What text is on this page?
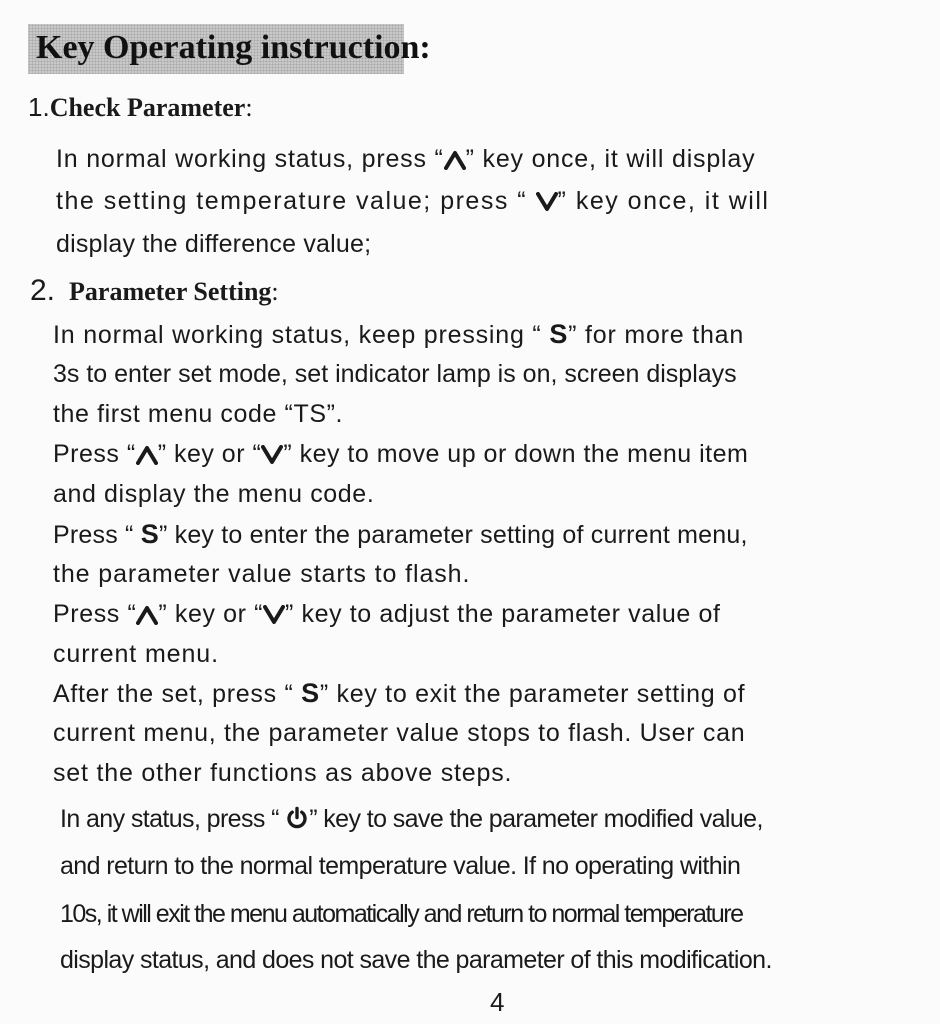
Key Operating instruction:
1.Check Parameter:
In normal working status, press “ ” key once, it will display
the setting temperature value; press “
” key once, it will
display the difference value;
2. Parameter Setting:
In normal working status, keep pressing “ S” for more than
3s to enter set mode, set indicator lamp is on, screen displays
the first menu code “TS”.
Press “ ” key or “ ” key to move up or down the menu item
and display the menu code.
Press “ S” key to enter the parameter setting of current menu,
the parameter value starts to flash.
Press “ ” key or “ ” key to adjust the parameter value of
current menu.
After the set, press “ S” key to exit the parameter setting of
current menu, the parameter value stops to flash. User can
set the other functions as above steps.
In any status, press “
” key to save the parameter modified value,
and return to the normal temperature value. If no operating within
10s, it will exit the menu automatically and return to normal temperature
display status, and does not save the parameter of this modification.
4
